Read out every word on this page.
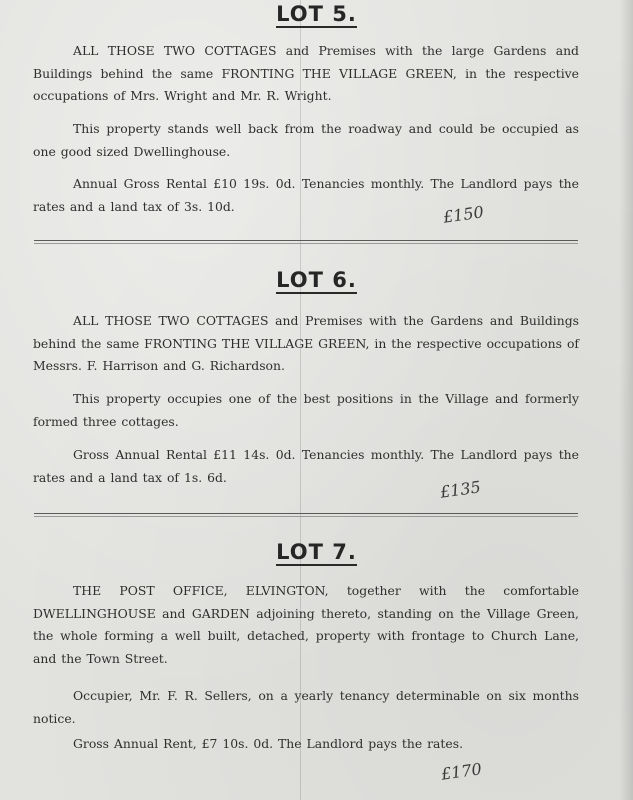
LOT 5.

ALL THOSE TWO COTTAGES and Premises with the large Gardens and Buildings behind the same FRONTING THE VILLAGE GREEN, in the respective occupations of Mrs. Wright and Mr. R. Wright.

This property stands well back from the roadway and could be occupied as one good sized Dwellinghouse.

Annual Gross Rental £10 19s. 0d. Tenancies monthly. The Landlord pays the rates and a land tax of 3s. 10d.	£150
LOT 6.

ALL THOSE TWO COTTAGES and Premises with the Gardens and Buildings behind the same FRONTING THE VILLAGE GREEN, in the respective occupations of Messrs. F. Harrison and G. Richardson.

This property occupies one of the best positions in the Village and formerly formed three cottages.

Gross Annual Rental £11 14s. 0d. Tenancies monthly. The Landlord pays the rates and a land tax of 1s. 6d.

£135
LOT 7.

THE POST OFFICE, ELVINGTON, together with the comfortable DWELLINGHOUSE and GARDEN adjoining thereto, standing on the Village Green, the whole forming a well built, detached, property with frontage to Church Lane, and the Town Street.

Occupier, Mr. F. R. Sellers, on a yearly tenancy determinable on six months notice.

Gross Annual Rent, £7 10s. 0d. The Landlord pays the rates.

£170
